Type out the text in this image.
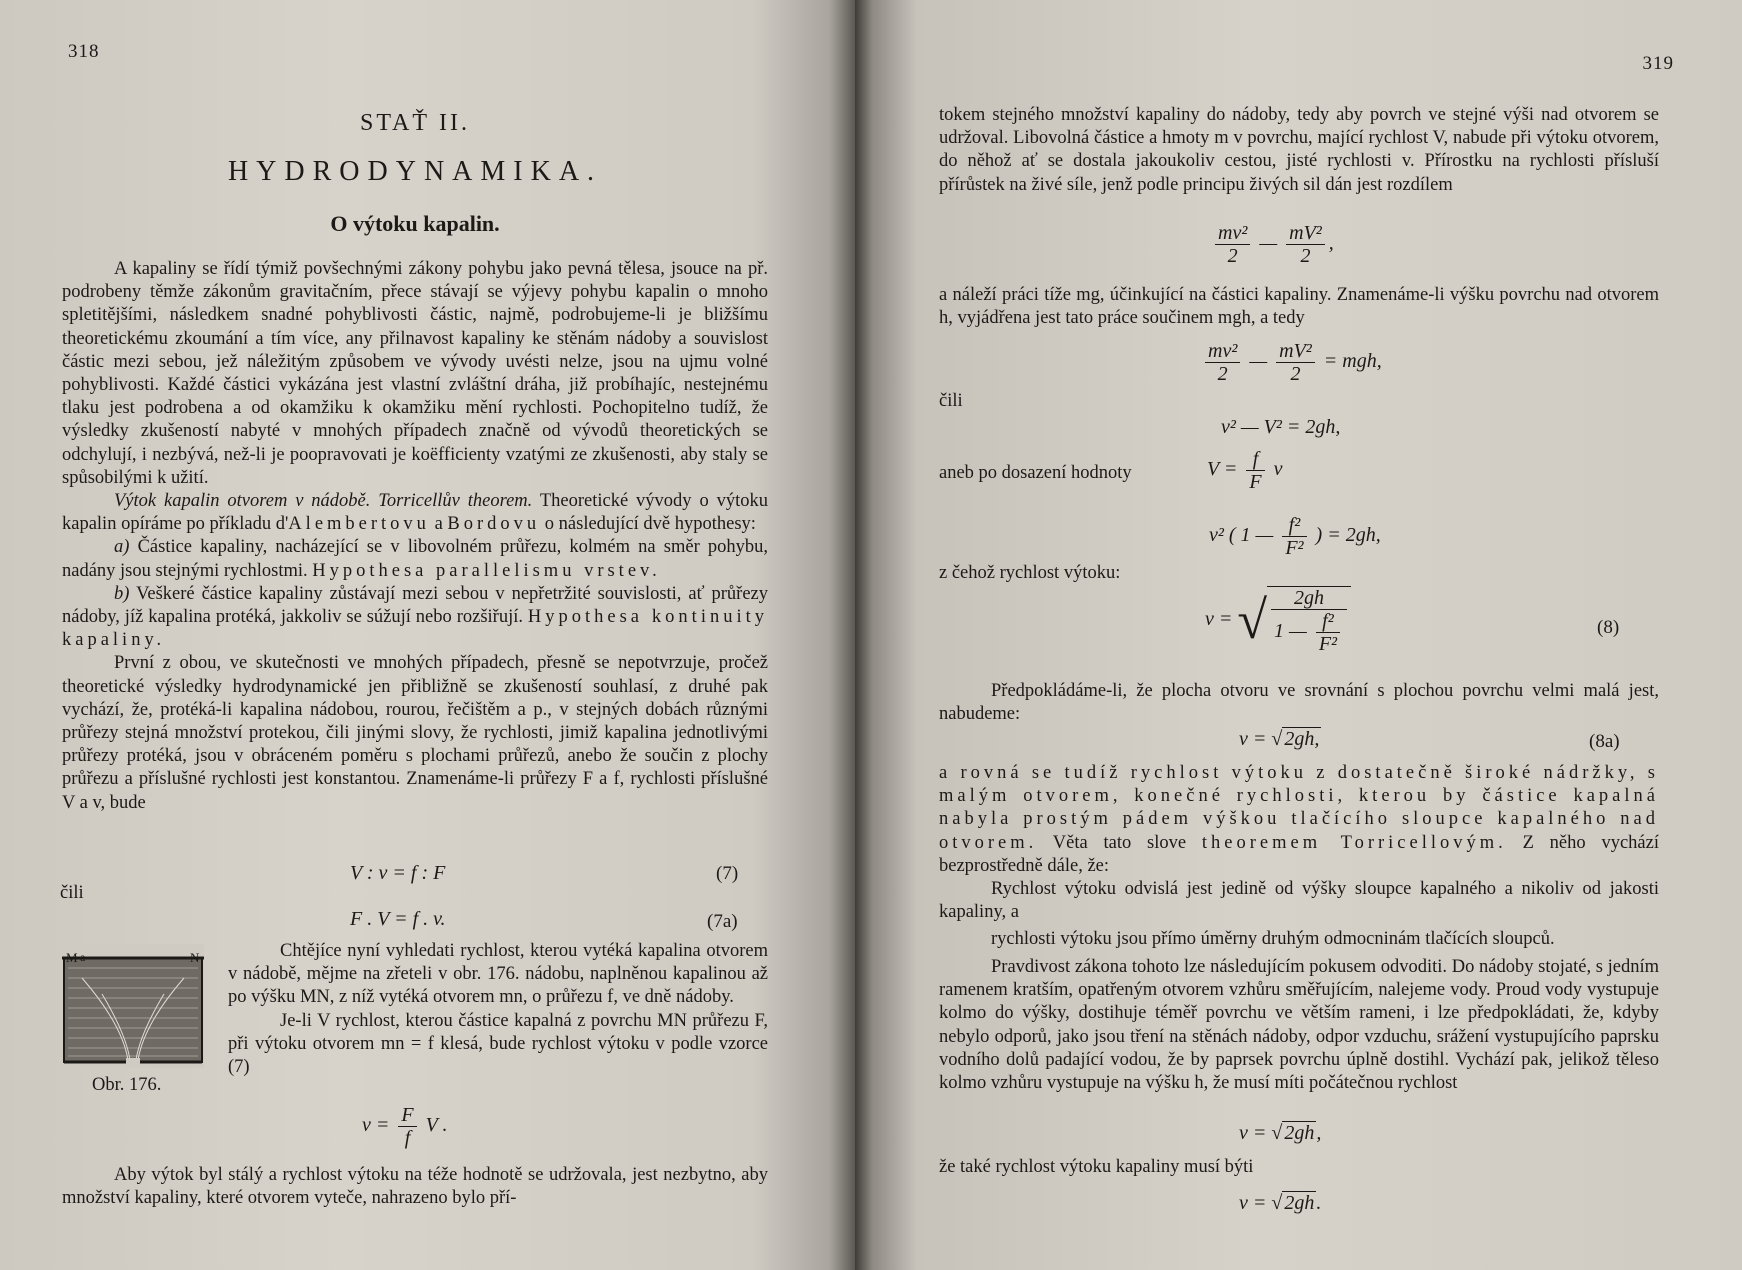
318
STAŤ II.
HYDRODYNAMIKA.
O výtoku kapalin.

A kapaliny se řídí týmiž povšechnými zákony pohybu jako pevná tělesa, jsouce na př. podrobeny těmže zákonům gravitačním, přece stávají se výjevy pohybu kapalin o mnoho spletitějšími, následkem snadné pohyblivosti částic, najmě, podrobujeme-li je bližšímu theoretickému zkoumání a tím více, any přilnavost kapaliny ke stěnám nádoby a souvislost částic mezi sebou, jež náležitým způsobem ve vývody uvésti nelze, jsou na ujmu volné pohyblivosti. Každé částici vykázána jest vlastní zvláštní dráha, již probíhajíc, nestejnému tlaku jest podrobena a od okamžiku k okamžiku mění rychlosti. Pochopitelno tudíž, že výsledky zkušeností nabyté v mnohých případech značně od vývodů theoretických se odchylují, i nezbývá, než-li je poopravovati je koëfficienty vzatými ze zkušenosti, aby staly se spůsobilými k užití.

Výtok kapalin otvorem v nádobě. Torricellův theorem. Theoretické vývody o výtoku kapalin opíráme po příkladu d'Alembertovu a Bordovu o následující dvě hypothesy:

a) Částice kapaliny, nacházející se v libovolném průřezu, kolmém na směr pohybu, nadány jsou stejnými rychlostmi. Hypothesa parallelismu vrstev.

b) Veškeré částice kapaliny zůstávají mezi sebou v nepřetržité souvislosti, ať průřezy nádoby, jíž kapalina protéká, jakkoliv se súžují nebo rozšiřují. Hypothesa kontinuity kapaliny.

První z obou, ve skutečnosti ve mnohých případech, přesně se nepotvrzuje, pročež theoretické výsledky hydrodynamické jen přibližně se zkušeností souhlasí, z druhé pak vychází, že, protéká-li kapalina nádobou, rourou, řečištěm a p., v stejných dobách různými průřezy stejná množství protekou, čili jinými slovy, že rychlosti, jimiž kapalina jednotlivými průřezy protéká, jsou v obráceném poměru s plochami průřezů, anebo že součin z plochy průřezu a příslušné rychlosti jest konstantou. Znamenáme-li průřezy F a f, rychlosti příslušné V a v, bude

V : v = f : F	(7)
čili
F . V = f . v.	(7a)
M a	N
Obr. 176.

Chtějíce nyní vyhledati rychlost, kterou vytéká kapalina otvorem v nádobě, mějme na zřeteli v obr. 176. nádobu, naplněnou kapalinou až po výšku MN, z níž vytéká otvorem mn, o průřezu f, ve dně nádoby.

Je-li V rychlost, kterou částice kapalná z povrchu MN průřezu F, při výtoku otvorem mn = f klesá, bude rychlost výtoku v podle vzorce (7)

$v = \frac{F}{f}$ V .

Aby výtok byl stálý a rychlost výtoku na téže hodnotě se udržovala, jest nezbytno, aby množství kapaliny, které otvorem vyteče, nahrazeno bylo pří-

319

tokem stejného množství kapaliny do nádoby, tedy aby povrch ve stejné výši nad otvorem se udržoval. Libovolná částice a hmoty m v povrchu, mající rychlost V, nabude při výtoku otvorem, do něhož ať se dostala jakoukoliv cestou, jisté rychlosti v. Přírostku na rychlosti přísluší přírůstek na živé síle, jenž podle principu živých sil dán jest rozdílem

$\frac{\text{mv²}}{2}$ — $\frac{\text{mV²}}{2}$ ,

a náleží práci tíže mg, účinkující na částici kapaliny. Znamenáme-li výšku povrchu nad otvorem h, vyjádřena jest tato práce součinem mgh, a tedy

$\frac{\text{mv²}}{2}$ — $\frac{\text{mV²}}{2}$ = mgh,
čili
v² — V² = 2gh,
aneb po dosazení hodnoty	$V = \frac{f}{F}$ v
v² ( 1 — $\frac{\text{f²}}{\text{F²}}$ ) = 2gh,
z čehož rychlost výtoku:
v = √ $\frac{2gh}{1 — \frac{\text{f²}}{\text{F²}}}$	(8)

Předpokládáme-li, že plocha otvoru ve srovnání s plochou povrchu velmi malá jest, nabudeme:

v = √ 2gh,	(8a)

a rovná se tudíž rychlost výtoku z dostatečně široké nádržky, s malým otvorem, konečné rychlosti, kterou by částice kapalná nabyla prostým pádem výškou tlačícího sloupce kapalného nad otvorem. Věta tato slove theoremem Torricellovým. Z něho vychází bezprostředně dále, že:

Rychlost výtoku odvislá jest jedině od výšky sloupce kapalného a nikoliv od jakosti kapaliny, a

rychlosti výtoku jsou přímo úměrny druhým odmocninám tlačících sloupců.

Pravdivost zákona tohoto lze následujícím pokusem odvoditi. Do nádoby stojaté, s jedním ramenem kratším, opatřeným otvorem vzhůru směřujícím, nalejeme vody. Proud vody vystupuje kolmo do výšky, dostihuje téměř povrchu ve větším rameni, i lze předpokládati, že, kdyby nebylo odporů, jako jsou tření na stěnách nádoby, odpor vzduchu, srážení vystupujícího paprsku vodního dolů padající vodou, že by paprsek povrchu úplně dostihl. Vychází pak, jelikož těleso kolmo vzhůru vystupuje na výšku h, že musí míti počátečnou rychlost

v = √ 2gh ,
že také rychlost výtoku kapaliny musí býti
v = √ 2gh .
